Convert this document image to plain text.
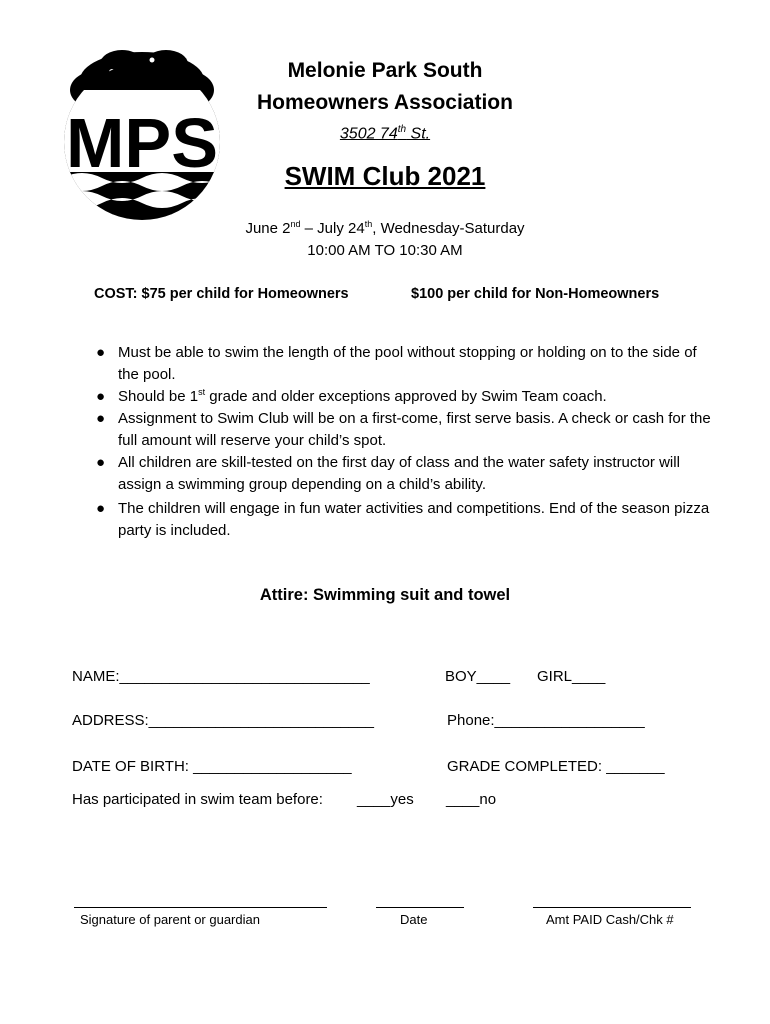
MPS
Melonie Park South
Homeowners Association
3502 74th St.
SWIM Club 2021
June 2nd – July 24th, Wednesday-Saturday
10:00 AM TO 10:30 AM
COST: $75 per child for Homeowners	$100 per child for Non-Homeowners
● Must be able to swim the length of the pool without stopping or holding on to the side of the pool.
● Should be 1st grade and older exceptions approved by Swim Team coach.
● Assignment to Swim Club will be on a first-come, first serve basis. A check or cash for the full amount will reserve your child’s spot.
● All children are skill-tested on the first day of class and the water safety instructor will assign a swimming group depending on a child’s ability.
● The children will engage in fun water activities and competitions. End of the season pizza party is included.
Attire: Swimming suit and towel
NAME:______________________________	BOY____ GIRL____
ADDRESS:___________________________	Phone:__________________
DATE OF BIRTH: ___________________	GRADE COMPLETED: _______
Has participated in swim team before: ____yes ____no
Signature of parent or guardian	Date	Amt PAID Cash/Chk #
